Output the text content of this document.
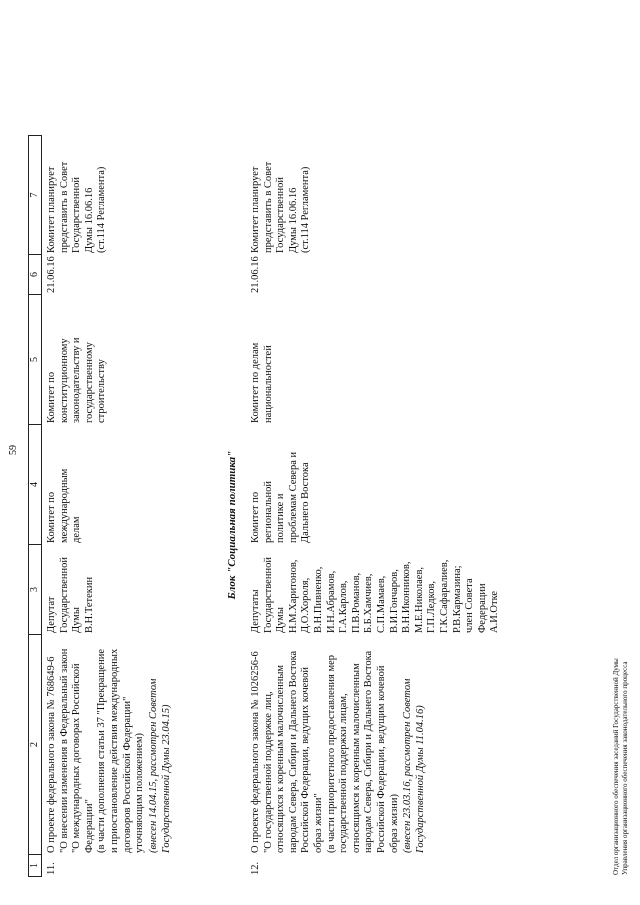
59
1
2
3
4
5
6
7
11.
О проекте федерального закона № 768649-6
"О внесении изменения в Федеральный закон
"О международных договорах Российской
Федерации"
(в части дополнения статьи 37 "Прекращение
и приостановление действия международных
договоров Российской Федерации"
уточняющим положением)
(внесен 14.04.15, рассмотрен Советом
Государственной Думы 23.04.15)
Депутат
Государственной
Думы
В.Н.Тетекин
Комитет по
международным
делам
Комитет по
конституционному
законодательству и
государственному
строительству
21.06.16
Комитет планирует
представить в Совет
Государственной
Думы 16.06.16
(ст.114 Регламента)
Блок "Социальная политика"
12.
О проекте федерального закона № 1026256-6
"О государственной поддержке лиц,
относящихся к коренным малочисленным
народам Севера, Сибири и Дальнего Востока
Российской Федерации, ведущих кочевой
образ жизни"
(в части приоритетного предоставления мер
государственной поддержки лицам,
относящимся к коренным малочисленным
народам Севера, Сибири и Дальнего Востока
Российской Федерации, ведущим кочевой
образ жизни)
(внесен 23.03.16, рассмотрен Советом
Государственной Думы 11.04.16)
Депутаты
Государственной
Думы
Н.М.Харитонов,
Д.О.Хороля,
В.Н.Пивненко,
И.Н.Абрамов,
Г.А.Карлов,
П.В.Романов,
Б.Б.Хамчиев,
С.П.Мамаев,
В.И.Гончаров,
В.Н.Иконников,
М.Е.Николаев,
Г.П.Ледков,
Г.К.Сафаралиев,
Р.В.Кармазина;
член Совета
Федерации
А.И.Отке
Комитет по
региональной
политике и
проблемам Севера и
Дальнего Востока
Комитет по делам
национальностей
21.06.16
Комитет планирует
представить в Совет
Государственной
Думы 16.06.16
(ст.114 Регламента)
Отдел организационного обеспечения заседаний Государственной Думы
Управления организационного обеспечения законодательного процесса
